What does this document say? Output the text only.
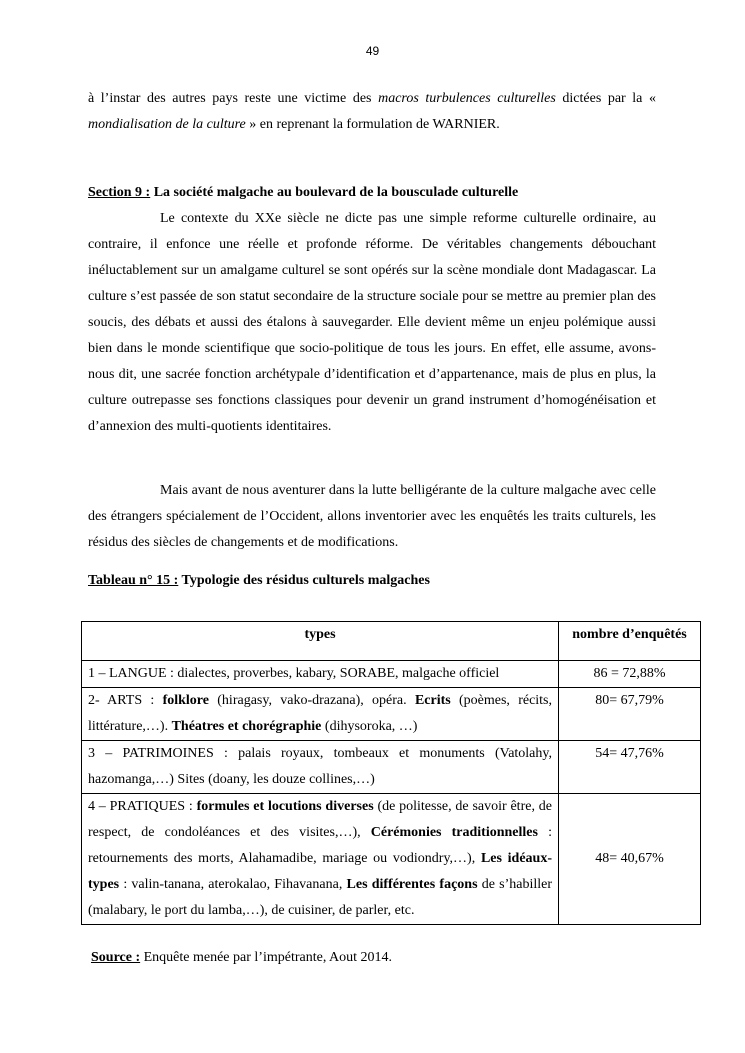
49
à l’instar des autres pays reste une victime des macros turbulences culturelles dictées par la « mondialisation de la culture » en reprenant la formulation de WARNIER.
Section 9 : La société malgache au boulevard de la bousculade culturelle
Le contexte du XXe siècle ne dicte pas une simple reforme culturelle ordinaire, au contraire, il enfonce une réelle et profonde réforme. De véritables changements débouchant inéluctablement sur un amalgame culturel se sont opérés sur la scène mondiale dont Madagascar. La culture s’est passée de son statut secondaire de la structure sociale pour se mettre au premier plan des soucis, des débats et aussi des étalons à sauvegarder. Elle devient même un enjeu polémique aussi bien dans le monde scientifique que socio-politique de tous les jours. En effet, elle assume, avons-nous dit, une sacrée fonction archétypale d’identification et d’appartenance, mais de plus en plus, la culture outrepasse ses fonctions classiques pour devenir un grand instrument d’homogénéisation et d’annexion des multi-quotients identitaires.
Mais avant de nous aventurer dans la lutte belligérante de la culture malgache avec celle des étrangers spécialement de l’Occident, allons inventorier avec les enquêtés les traits culturels, les résidus des siècles de changements et de modifications.
Tableau n° 15 : Typologie des résidus culturels malgaches
types	nombre d’enquêtés
1 – LANGUE : dialectes, proverbes, kabary, SORABE, malgache officiel	86 = 72,88%
2- ARTS : folklore (hiragasy, vako-drazana), opéra. Ecrits (poèmes, récits, littérature,…). Théatres et chorégraphie (dihysoroka, …)	80= 67,79%
3 – PATRIMOINES : palais royaux, tombeaux et monuments (Vatolahy, hazomanga,…) Sites (doany, les douze collines,…)	54= 47,76%
4 – PRATIQUES : formules et locutions diverses (de politesse, de savoir être, de respect, de condoléances et des visites,…), Cérémonies traditionnelles : retournements des morts, Alahamadibe, mariage ou vodiondry,…), Les idéaux-types : valin-tanana, aterokalao, Fihavanana, Les différentes façons de s’habiller (malabary, le port du lamba,…), de cuisiner, de parler, etc.	48= 40,67%
Source : Enquête menée par l’impétrante, Aout 2014.
